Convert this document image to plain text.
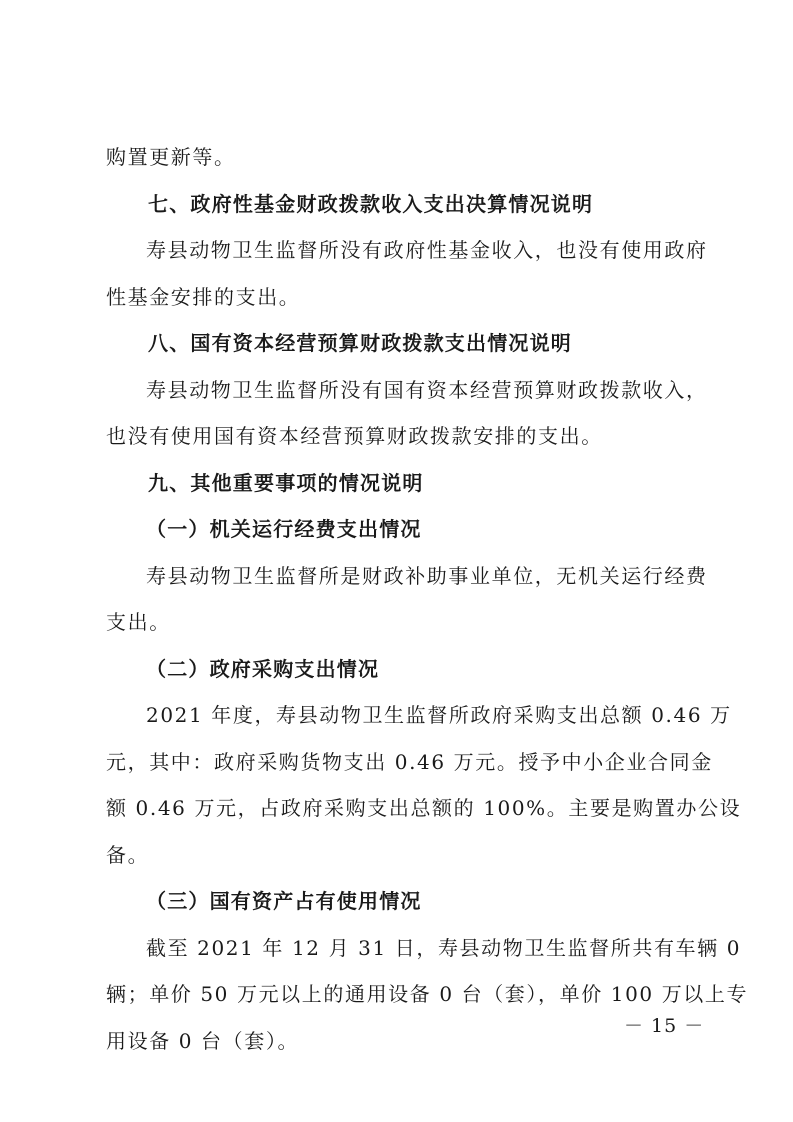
购置更新等。
七、政府性基金财政拨款收入支出决算情况说明
寿县动物卫生监督所没有政府性基金收入，也没有使用政府
性基金安排的支出。
八、国有资本经营预算财政拨款支出情况说明
寿县动物卫生监督所没有国有资本经营预算财政拨款收入，
也没有使用国有资本经营预算财政拨款安排的支出。
九、其他重要事项的情况说明
（一）机关运行经费支出情况
寿县动物卫生监督所是财政补助事业单位，无机关运行经费
支出。
（二）政府采购支出情况
2021 年度，寿县动物卫生监督所政府采购支出总额 0.46 万
元，其中：政府采购货物支出 0.46 万元。授予中小企业合同金
额 0.46 万元，占政府采购支出总额的 100%。主要是购置办公设
备。
（三）国有资产占有使用情况
截至 2021 年 12 月 31 日，寿县动物卫生监督所共有车辆 0
辆；单价 50 万元以上的通用设备 0 台（套），单价 100 万以上专
用设备 0 台（套）。
－ 15 －
